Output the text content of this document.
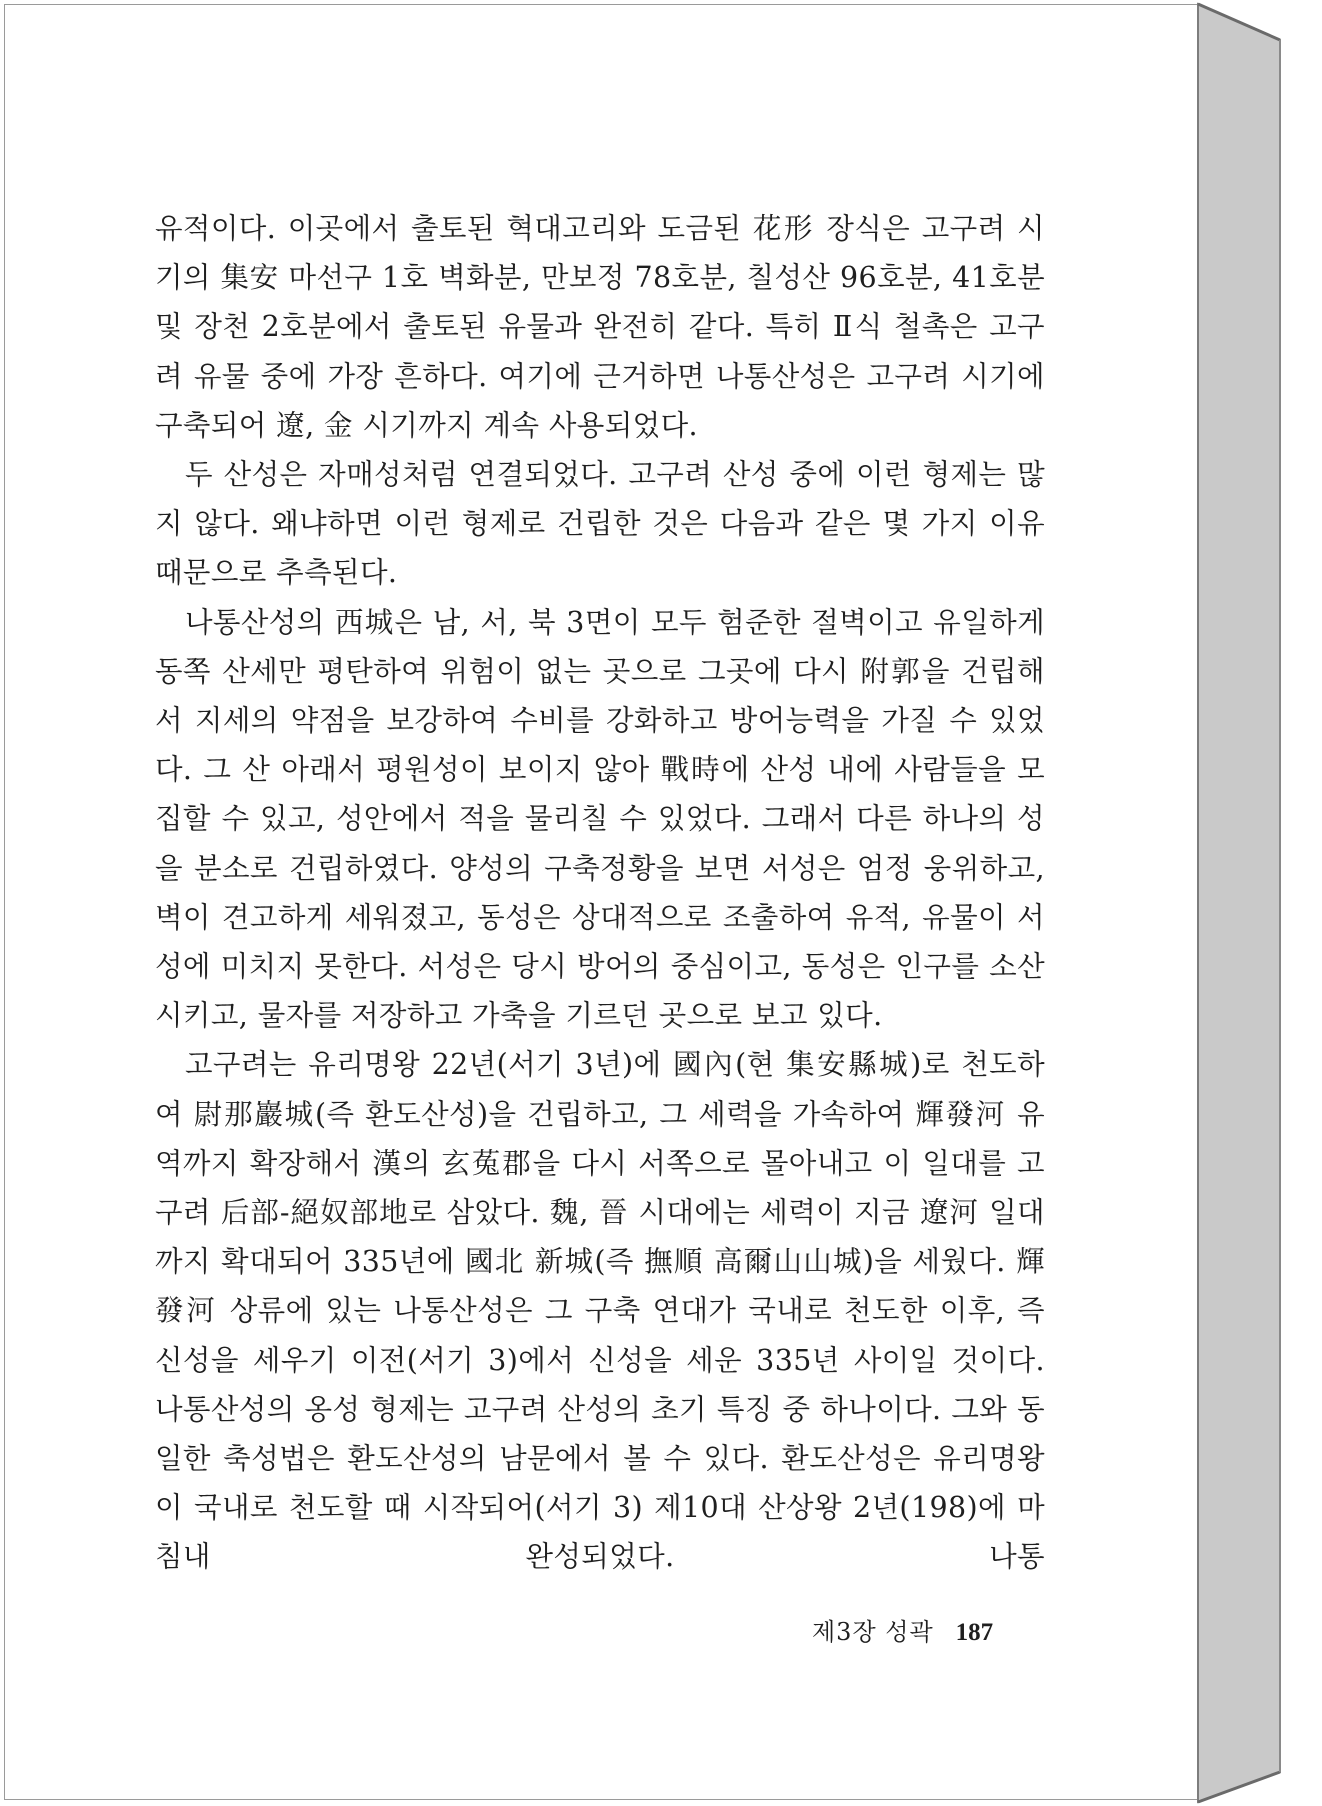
유적이다. 이곳에서 출토된 혁대고리와 도금된 花形 장식은 고구려 시기의 集安 마선구 1호 벽화분, 만보정 78호분, 칠성산 96호분, 41호분 및 장천 2호분에서 출토된 유물과 완전히 같다. 특히 Ⅱ식 철촉은 고구려 유물 중에 가장 흔하다. 여기에 근거하면 나통산성은 고구려 시기에 구축되어 遼, 金 시기까지 계속 사용되었다.

두 산성은 자매성처럼 연결되었다. 고구려 산성 중에 이런 형제는 많지 않다. 왜냐하면 이런 형제로 건립한 것은 다음과 같은 몇 가지 이유 때문으로 추측된다.

나통산성의 西城은 남, 서, 북 3면이 모두 험준한 절벽이고 유일하게 동쪽 산세만 평탄하여 위험이 없는 곳으로 그곳에 다시 附郭을 건립해서 지세의 약점을 보강하여 수비를 강화하고 방어능력을 가질 수 있었다. 그 산 아래서 평원성이 보이지 않아 戰時에 산성 내에 사람들을 모집할 수 있고, 성안에서 적을 물리칠 수 있었다. 그래서 다른 하나의 성을 분소로 건립하였다. 양성의 구축정황을 보면 서성은 엄정 웅위하고, 벽이 견고하게 세워졌고, 동성은 상대적으로 조출하여 유적, 유물이 서성에 미치지 못한다. 서성은 당시 방어의 중심이고, 동성은 인구를 소산시키고, 물자를 저장하고 가축을 기르던 곳으로 보고 있다.

고구려는 유리명왕 22년(서기 3년)에 國內(현 集安縣城)로 천도하여 尉那巖城(즉 환도산성)을 건립하고, 그 세력을 가속하여 輝發河 유역까지 확장해서 漢의 玄菟郡을 다시 서쪽으로 몰아내고 이 일대를 고구려 后部-絕奴部地로 삼았다. 魏, 晉 시대에는 세력이 지금 遼河 일대까지 확대되어 335년에 國北 新城(즉 撫順 高爾山山城)을 세웠다. 輝發河 상류에 있는 나통산성은 그 구축 연대가 국내로 천도한 이후, 즉 신성을 세우기 이전(서기 3)에서 신성을 세운 335년 사이일 것이다. 나통산성의 옹성 형제는 고구려 산성의 초기 특징 중 하나이다. 그와 동일한 축성법은 환도산성의 남문에서 볼 수 있다. 환도산성은 유리명왕이 국내로 천도할 때 시작되어(서기 3) 제10대 산상왕 2년(198)에 마침내 완성되었다. 나통

제3장 성곽 187
